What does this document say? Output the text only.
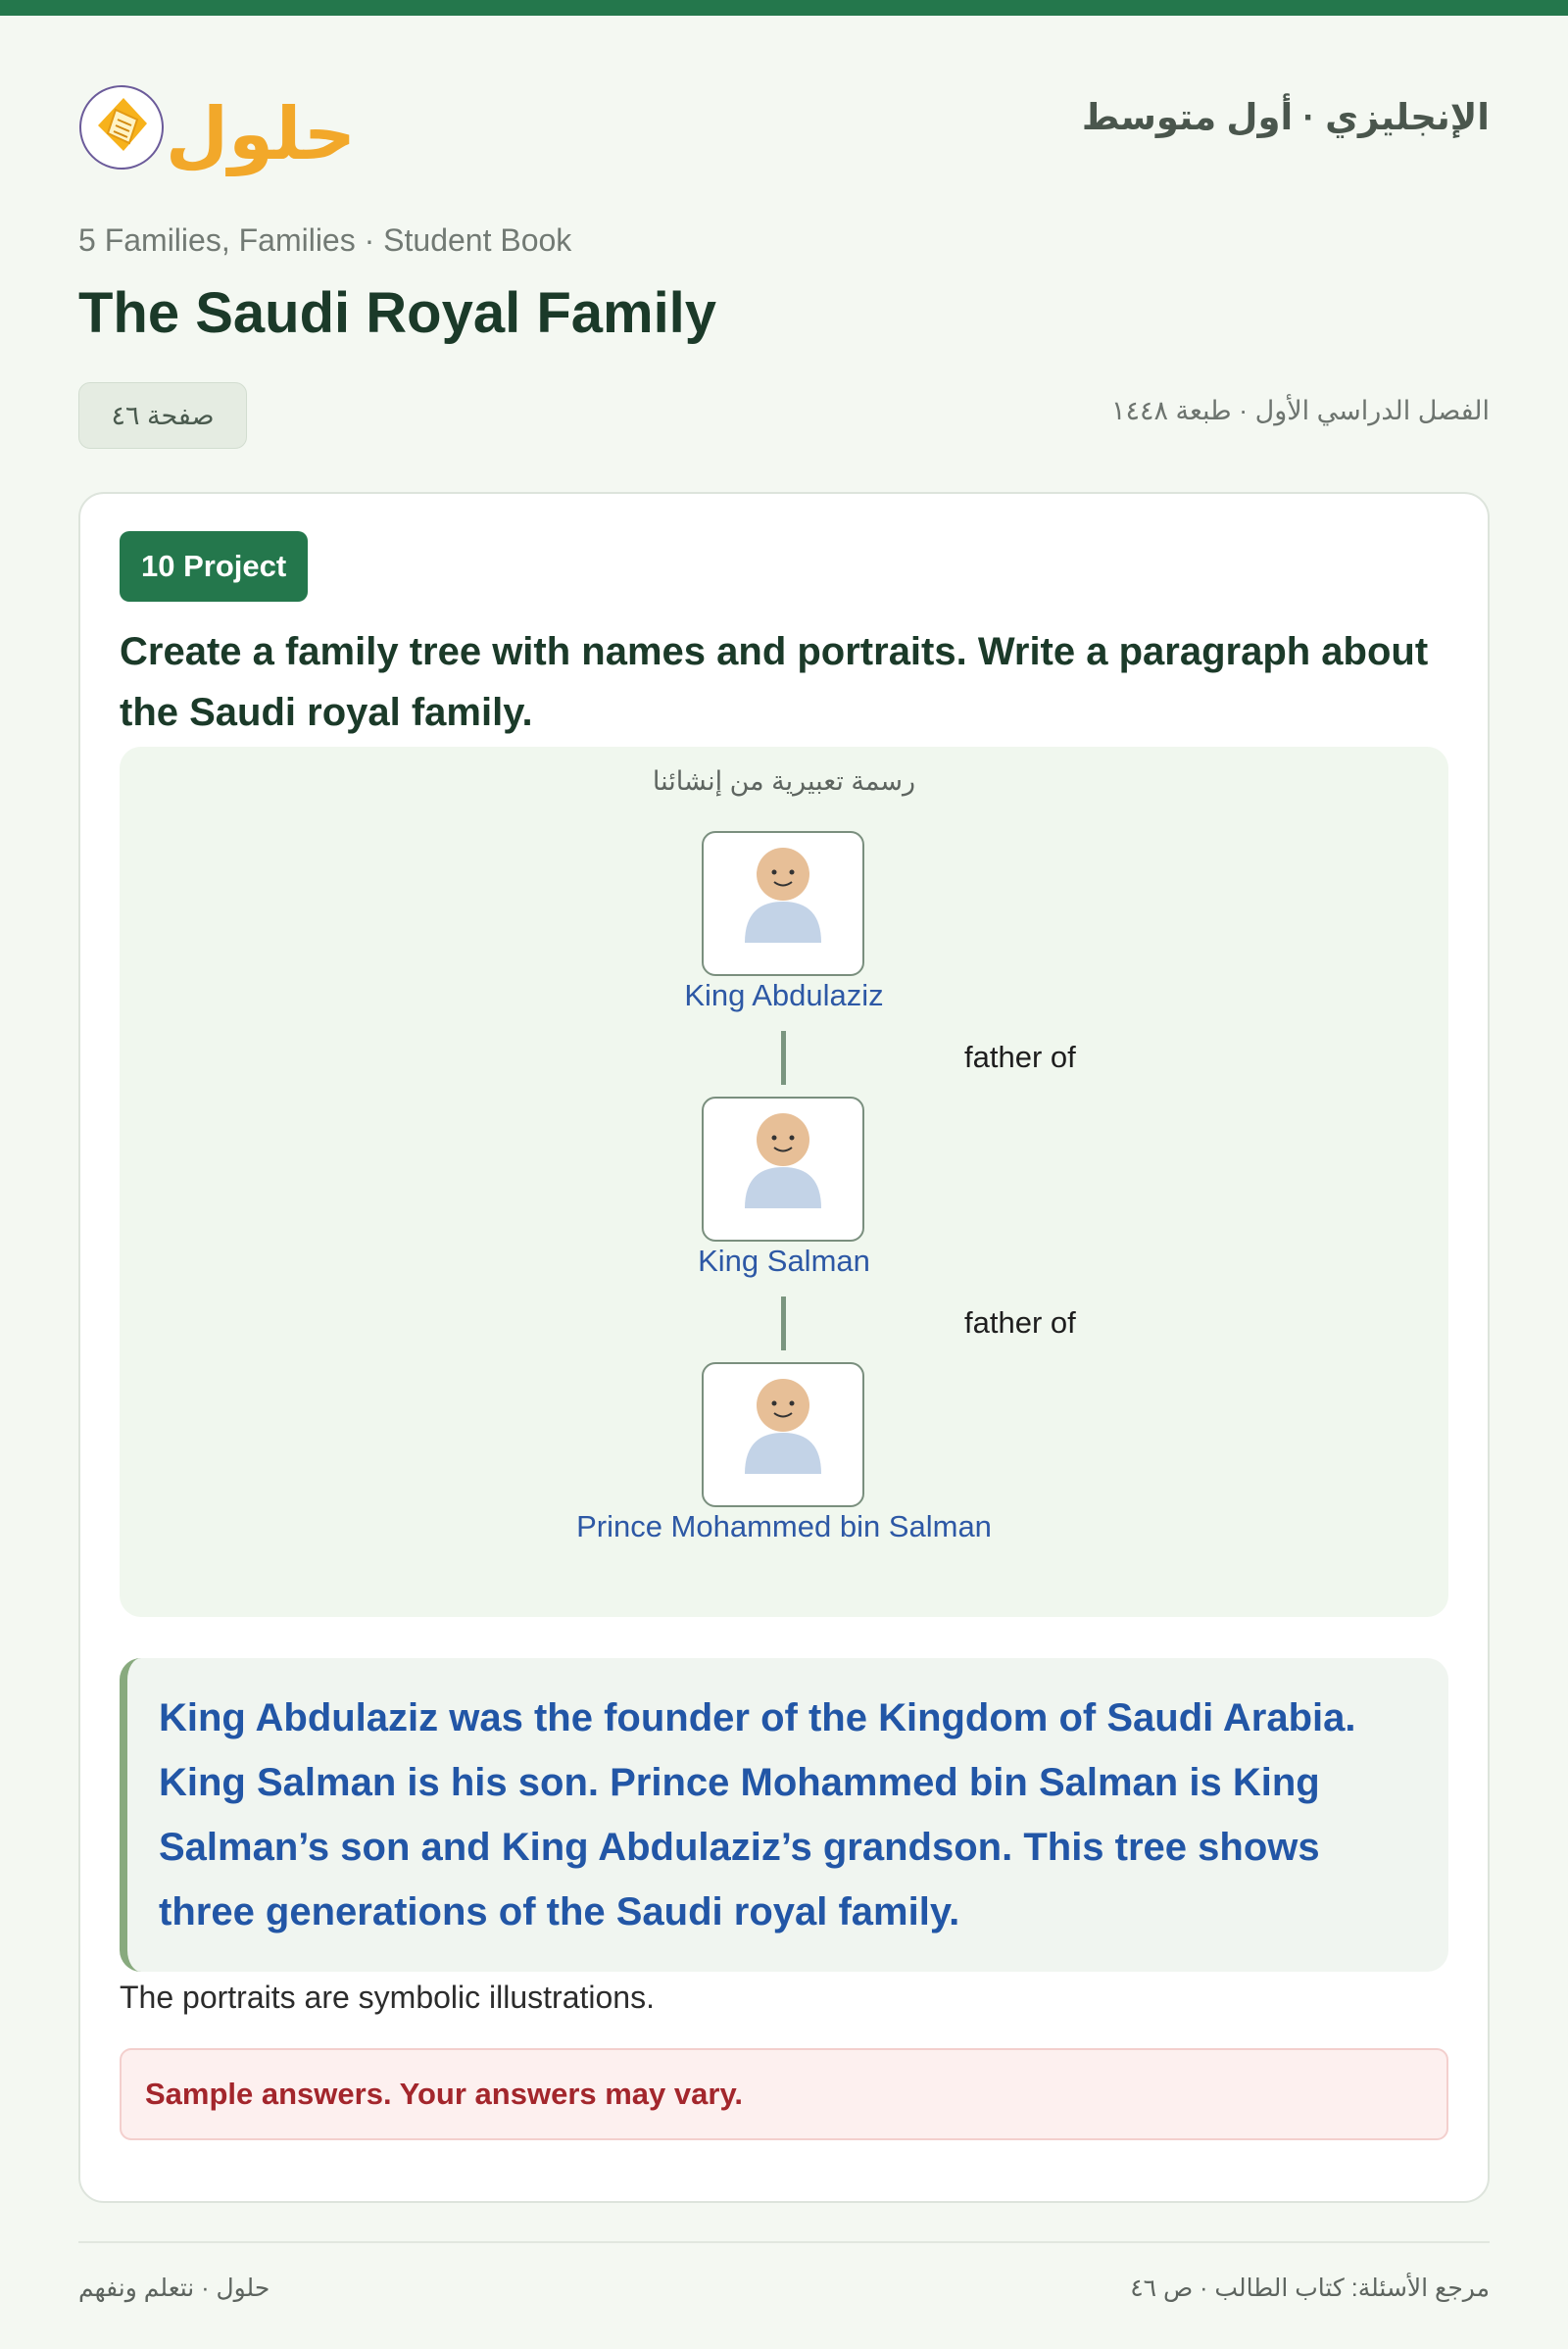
حلول	الإنجليزي · أول متوسط
5 Families, Families · Student Book
The Saudi Royal Family
صفحة ٤٦	الفصل الدراسي الأول · طبعة ١٤٤٨
10 Project

Create a family tree with names and portraits. Write a paragraph about the Saudi royal family.

رسمة تعبيرية من إنشائنا
King Abdulaziz
father of
King Salman
father of
Prince Mohammed bin Salman
King Abdulaziz was the founder of the Kingdom of Saudi Arabia. King Salman is his son. Prince Mohammed bin Salman is King Salman’s son and King Abdulaziz’s grandson. This tree shows three generations of the Saudi royal family.
The portraits are symbolic illustrations.
Sample answers. Your answers may vary.
حلول · نتعلم ونفهم	مرجع الأسئلة: كتاب الطالب · ص ٤٦
